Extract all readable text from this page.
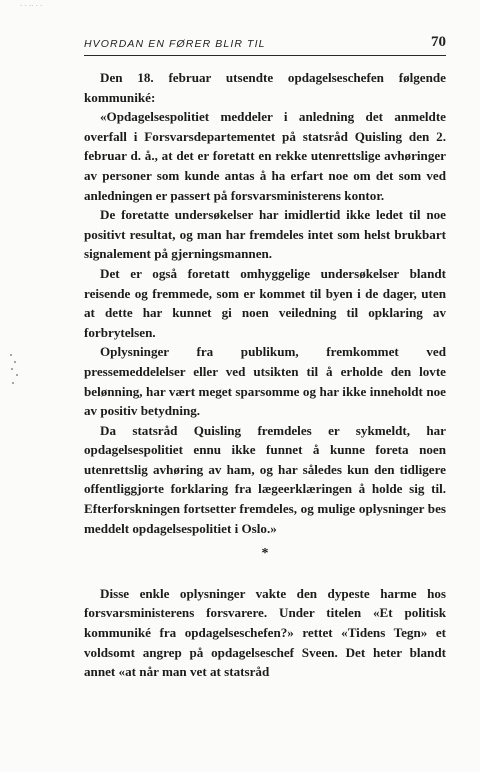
· · ·· · ·
HVORDAN EN FØRER BLIR TIL	70

Den 18. februar utsendte opdagelseschefen følgende kommuniké:

«Opdagelsespolitiet meddeler i anledning det anmeldte overfall i Forsvarsdepartementet på statsråd Quisling den 2. februar d. å., at det er foretatt en rekke utenrettslige avhøringer av personer som kunde antas å ha erfart noe om det som ved anledningen er passert på forsvarsministerens kontor.

De foretatte undersøkelser har imidlertid ikke ledet til noe positivt resultat, og man har fremdeles intet som helst brukbart signalement på gjerningsmannen.

Det er også foretatt omhyggelige undersøkelser blandt reisende og fremmede, som er kommet til byen i de dager, uten at dette har kunnet gi noen veiledning til opklaring av forbrytelsen.

Oplysninger fra publikum, fremkommet ved pressemeddelelser eller ved utsikten til å erholde den lovte belønning, har vært meget sparsomme og har ikke inneholdt noe av positiv betydning.

Da statsråd Quisling fremdeles er sykmeldt, har opdagelsespolitiet ennu ikke funnet å kunne foreta noen utenrettslig avhøring av ham, og har således kun den tidligere offentliggjorte forklaring fra lægeerklæringen å holde sig til. Efterforskningen fortsetter fremdeles, og mulige oplysninger bes meddelt opdagelsespolitiet i Oslo.»

*

Disse enkle oplysninger vakte den dypeste harme hos forsvarsministerens forsvarere. Under titelen «Et politisk kommuniké fra opdagelseschefen?» rettet «Tidens Tegn» et voldsomt angrep på opdagelseschef Sveen. Det heter blandt annet «at når man vet at statsråd
